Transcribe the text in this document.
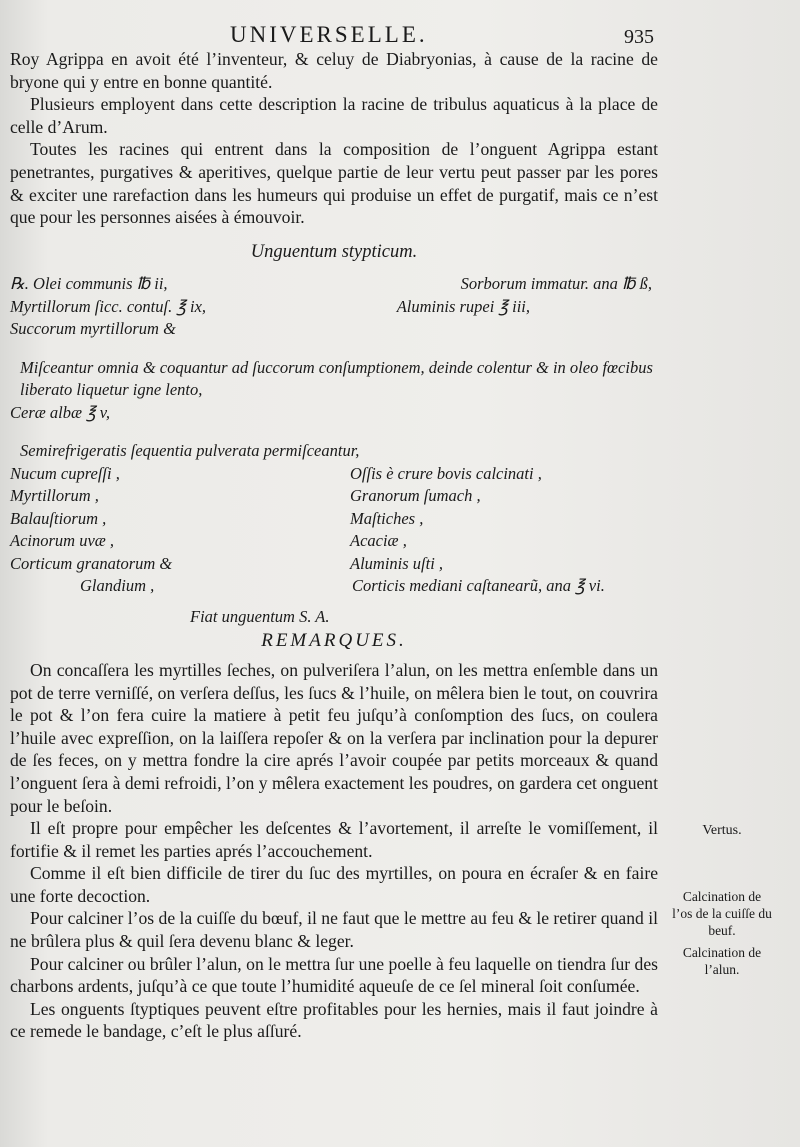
UNIVERSELLE.	935

Roy Agrippa en avoit été l’inventeur, & celuy de Diabryonias, à cause de la racine de bryone qui y entre en bonne quantité.

Plusieurs employent dans cette description la racine de tribulus aquaticus à la place de celle d’Arum.

Toutes les racines qui entrent dans la composition de l’onguent Agrippa estant penetrantes, purgatives & aperitives, quelque partie de leur vertu peut passer par les pores & exciter une rarefaction dans les humeurs qui produise un effet de purgatif, mais ce n’est que pour les personnes aisées à émouvoir.

Unguentum stypticum.
℞. Olei communis ℔ ii,	Sorborum immatur. ana ℔ ß,
Myrtillorum ſicc. contuſ. ℥ ix,	Aluminis rupei ℥ iii,
Succorum myrtillorum &
Miſceantur omnia & coquantur ad ſuccorum conſumptionem, deinde colentur & in oleo fœcibus liberato liquetur igne lento,
Ceræ albæ ℥ v,
Semirefrigeratis ſequentia pulverata permiſceantur,
Nucum cupreſſi ,	Oſſis è crure bovis calcinati ,
Myrtillorum ,	Granorum ſumach ,
Balauſtiorum ,	Maſtiches ,
Acinorum uvæ ,	Acaciæ ,
Corticum granatorum &	Aluminis uſti ,
Glandium ,	Corticis mediani caſtanearũ, ana ℥ vi.
Fiat unguentum S. A.
REMARQUES.

On concaſſera les myrtilles ſeches, on pulveriſera l’alun, on les mettra enſemble dans un pot de terre verniſſé, on verſera deſſus, les ſucs & l’huile, on mêlera bien le tout, on couvrira le pot & l’on fera cuire la matiere à petit feu juſqu’à conſomption des ſucs, on coulera l’huile avec expreſſion, on la laiſſera repoſer & on la verſera par inclination pour la depurer de ſes feces, on y mettra fondre la cire aprés l’avoir coupée par petits morceaux & quand l’onguent ſera à demi refroidi, l’on y mêlera exactement les poudres, on gardera cet onguent pour le beſoin.

Il eſt propre pour empêcher les deſcentes & l’avortement, il arreſte le vomiſſement, il fortifie & il remet les parties aprés l’accouchement.

Comme il eſt bien difficile de tirer du ſuc des myrtilles, on poura en écraſer & en faire une forte decoction.

Pour calciner l’os de la cuiſſe du bœuf, il ne faut que le mettre au feu & le retirer quand il ne brûlera plus & quil ſera devenu blanc & leger.

Pour calciner ou brûler l’alun, on le mettra ſur une poelle à feu laquelle on tiendra ſur des charbons ardents, juſqu’à ce que toute l’humidité aqueuſe de ce ſel mineral ſoit conſumée.

Les onguents ſtyptiques peuvent eſtre profitables pour les hernies, mais il faut joindre à ce remede le bandage, c’eſt le plus aſſuré.

Vertus.
Calcination de l’os de la cuiſſe du beuf.
Calcination de l’alun.
